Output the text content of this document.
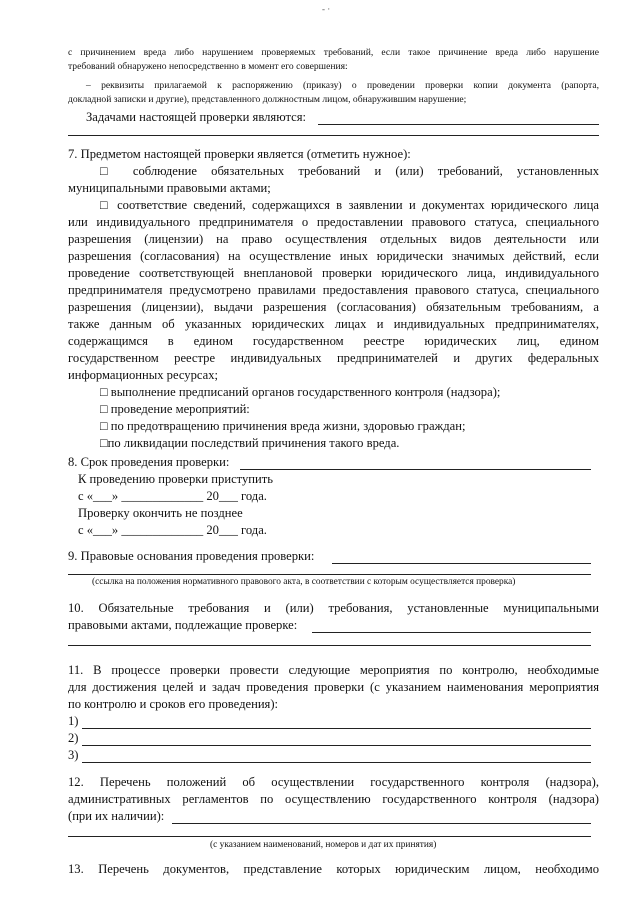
- ·
с причинением вреда либо нарушением проверяемых требований, если такое причинение вреда либо нарушение
требований обнаружено непосредственно в момент его совершения:
– реквизиты прилагаемой к распоряжению (приказу) о проведении проверки копии документа (рапорта,
докладной записки и другие), представленного должностным лицом, обнаружившим нарушение;
Задачами настоящей проверки являются:
7. Предметом настоящей проверки является (отметить нужное):
□ соблюдение обязательных требований и (или) требований, установленных
муниципальными правовыми актами;
□ соответствие сведений, содержащихся в заявлении и документах юридического лица
или индивидуального предпринимателя о предоставлении правового статуса, специального
разрешения (лицензии) на право осуществления отдельных видов деятельности или
разрешения (согласования) на осуществление иных юридически значимых действий, если
проведение соответствующей внеплановой проверки юридического лица, индивидуального
предпринимателя предусмотрено правилами предоставления правового статуса, специального
разрешения (лицензии), выдачи разрешения (согласования) обязательным требованиям, а
также данным об указанных юридических лицах и индивидуальных предпринимателях,
содержащимся в едином государственном реестре юридических лиц, едином
государственном реестре индивидуальных предпринимателей и других федеральных
информационных ресурсах;
□ выполнение предписаний органов государственного контроля (надзора);
□ проведение мероприятий:
□ по предотвращению причинения вреда жизни, здоровью граждан;
□по ликвидации последствий причинения такого вреда.
8. Срок проведения проверки:
К проведению проверки приступить
с «___» _____________ 20___ года.
Проверку окончить не позднее
с «___» _____________ 20___ года.
9. Правовые основания проведения проверки:
(ссылка на положения нормативного правового акта, в соответствии с которым осуществляется проверка)
10. Обязательные требования и (или) требования, установленные муниципальными
правовыми актами, подлежащие проверке:
11. В процессе проверки провести следующие мероприятия по контролю, необходимые
для достижения целей и задач проведения проверки (с указанием наименования мероприятия
по контролю и сроков его проведения):
1)
2)
3)
12. Перечень положений об осуществлении государственного контроля (надзора),
административных регламентов по осуществлению государственного контроля (надзора)
(при их наличии):
(с указанием наименований, номеров и дат их принятия)
13. Перечень документов, представление которых юридическим лицом, необходимо
